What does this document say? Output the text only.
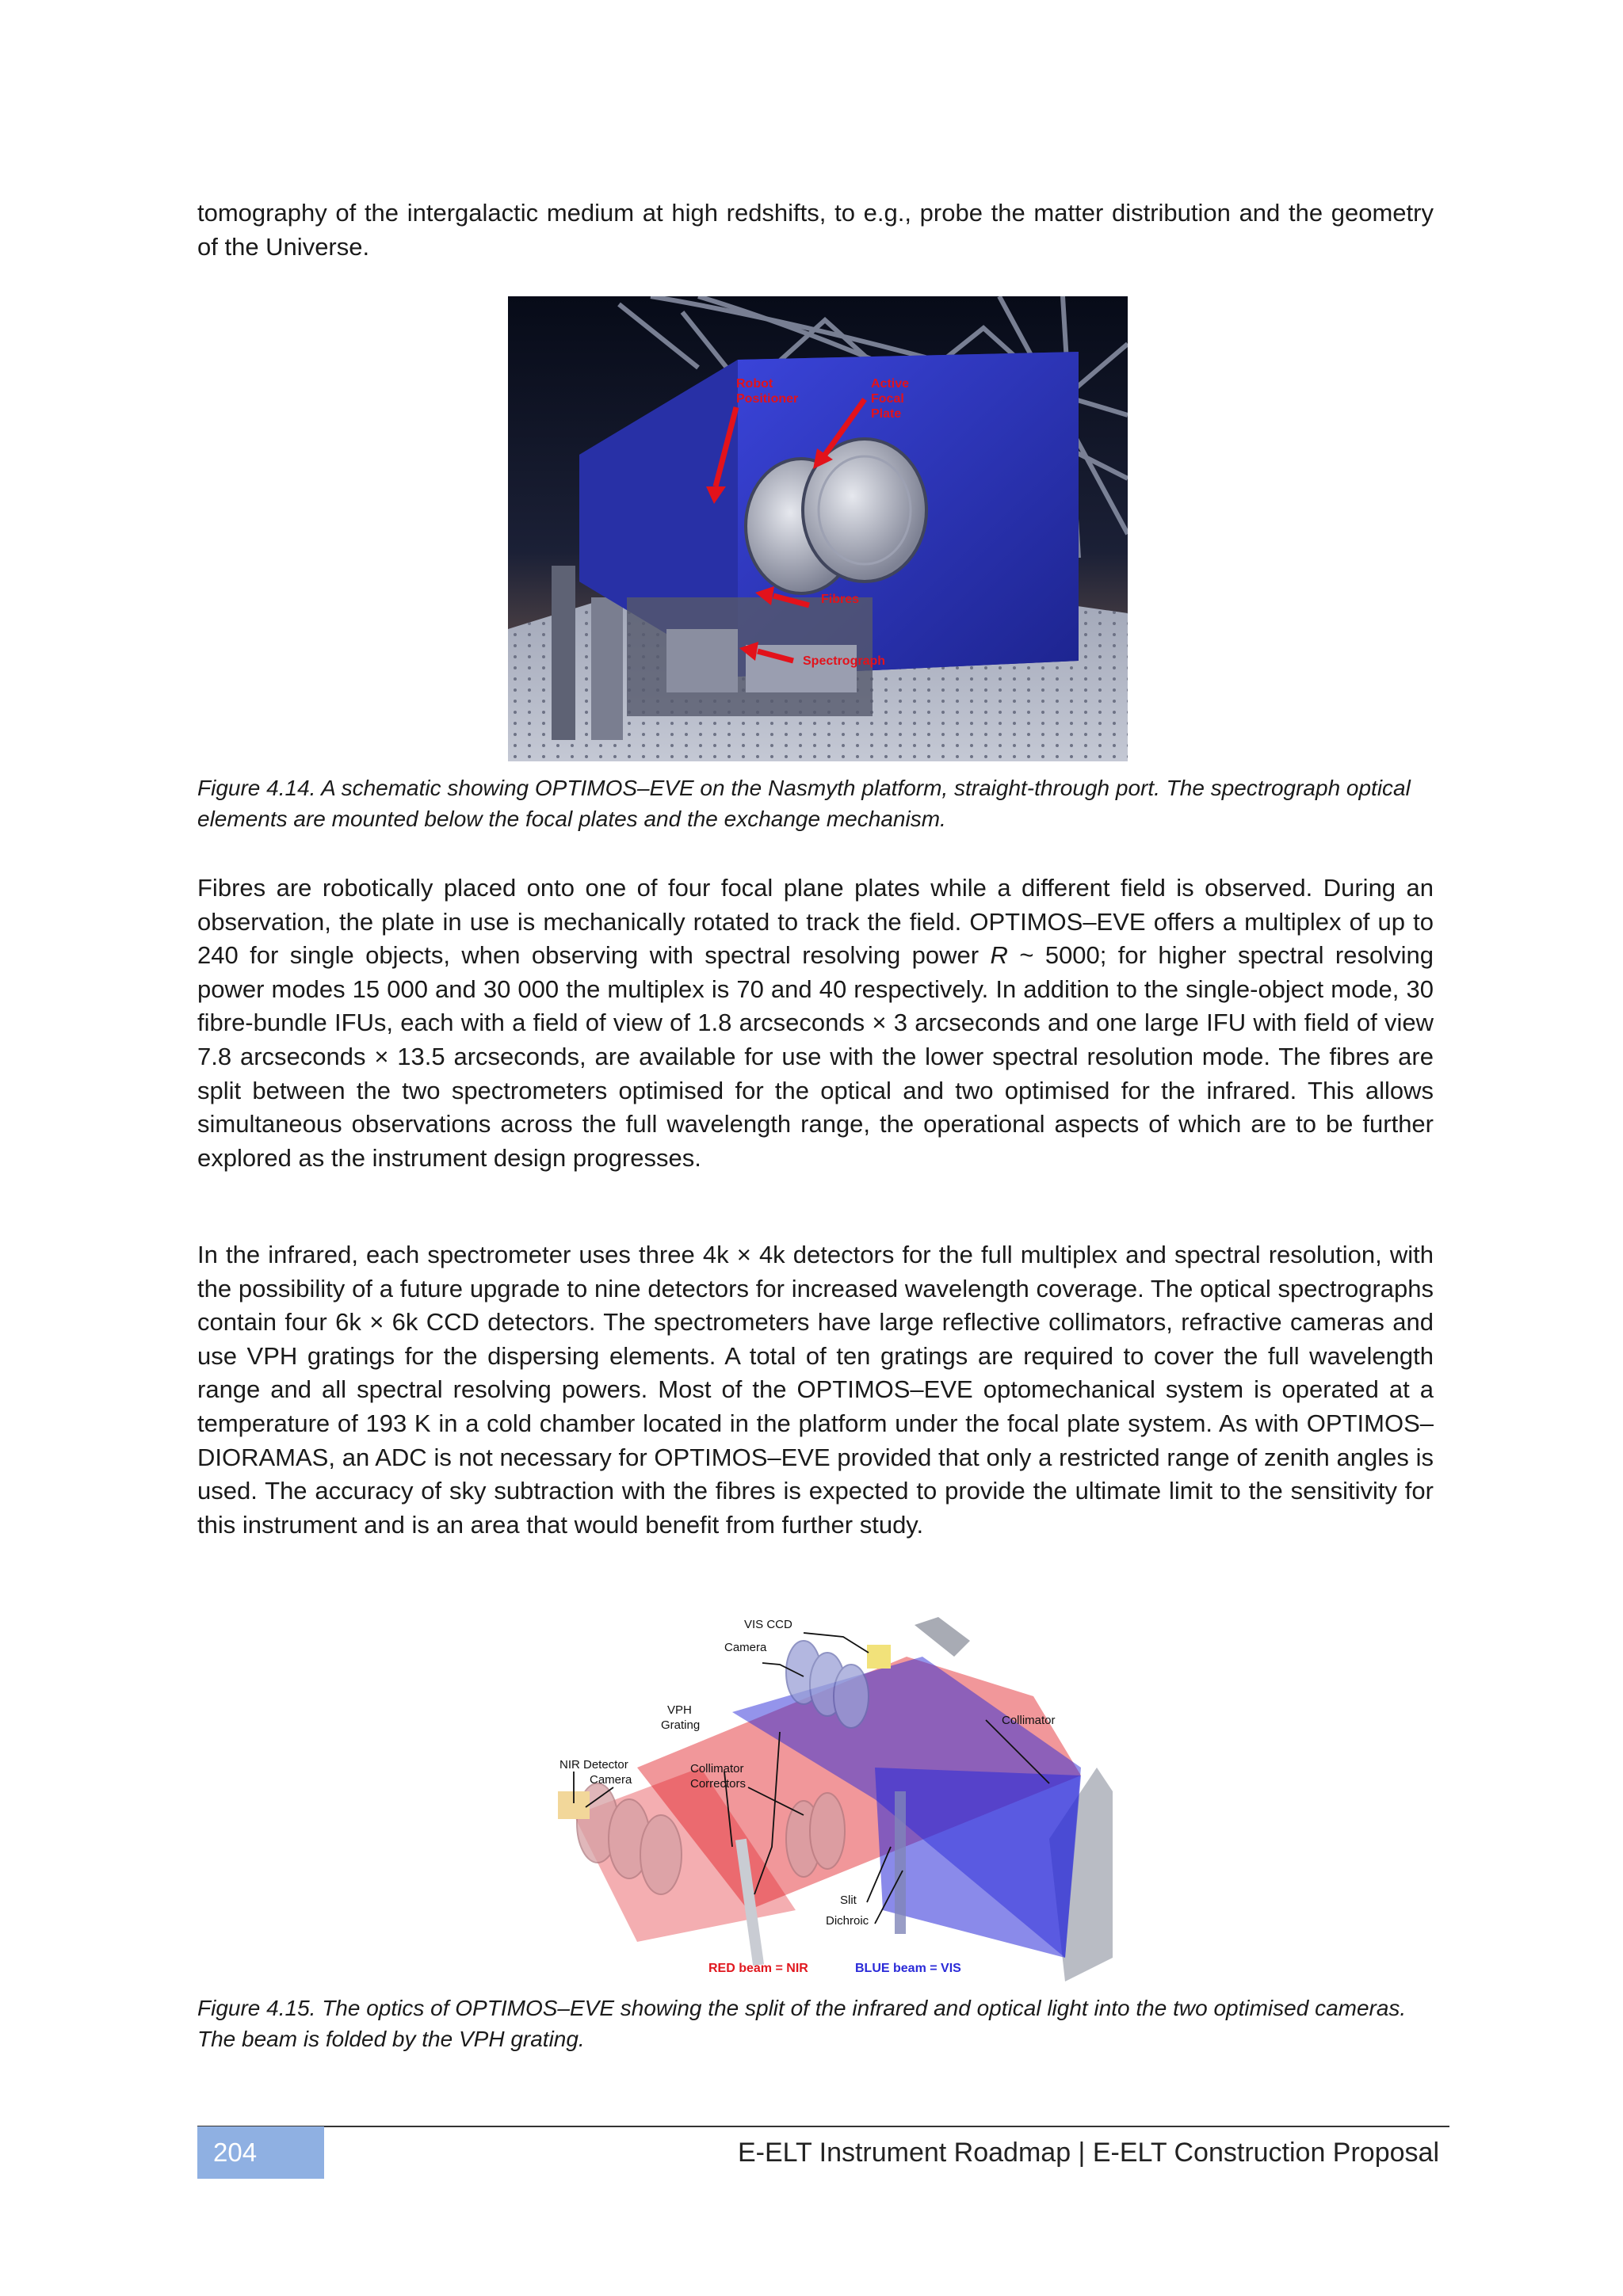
tomography of the intergalactic medium at high redshifts, to e.g., probe the matter distribution and the geometry of the Universe.

Robot
Positioner
Active
Focal
Plate
Fibres
Spectrograph

Figure 4.14. A schematic showing OPTIMOS–EVE on the Nasmyth platform, straight-through port. The spectrograph optical elements are mounted below the focal plates and the exchange mechanism.

Fibres are robotically placed onto one of four focal plane plates while a different field is observed. During an observation, the plate in use is mechanically rotated to track the field. OPTIMOS–EVE offers a multiplex of up to 240 for single objects, when observing with spectral resolving power R ~ 5000; for higher spectral resolving power modes 15 000 and 30 000 the multiplex is 70 and 40 respectively. In addition to the single-object mode, 30 fibre-bundle IFUs, each with a field of view of 1.8 arcseconds × 3 arcseconds and one large IFU with field of view 7.8 arcseconds × 13.5 arcseconds, are available for use with the lower spectral resolution mode. The fibres are split between the two spectrometers optimised for the optical and two optimised for the infrared. This allows simultaneous observations across the full wavelength range, the operational aspects of which are to be further explored as the instrument design progresses.

In the infrared, each spectrometer uses three 4k × 4k detectors for the full multiplex and spectral resolution, with the possibility of a future upgrade to nine detectors for increased wavelength coverage. The optical spectrographs contain four 6k × 6k CCD detectors. The spectrometers have large reflective collimators, refractive cameras and use VPH gratings for the dispersing elements. A total of ten gratings are required to cover the full wavelength range and all spectral resolving powers. Most of the OPTIMOS–EVE optomechanical system is operated at a temperature of 193 K in a cold chamber located in the platform under the focal plate system. As with OPTIMOS–DIORAMAS, an ADC is not necessary for OPTIMOS–EVE provided that only a restricted range of zenith angles is used. The accuracy of sky subtraction with the fibres is expected to provide the ultimate limit to the sensitivity for this instrument and is an area that would benefit from further study.

VIS CCD
Camera
VPH
Grating	Collimator
NIR Detector
Camera
Collimator
Correctors
Slit
Dichroic
RED beam = NIR	BLUE beam = VIS

Figure 4.15. The optics of OPTIMOS–EVE showing the split of the infrared and optical light into the two optimised cameras. The beam is folded by the VPH grating.

204	E-ELT Instrument Roadmap | E-ELT Construction Proposal
